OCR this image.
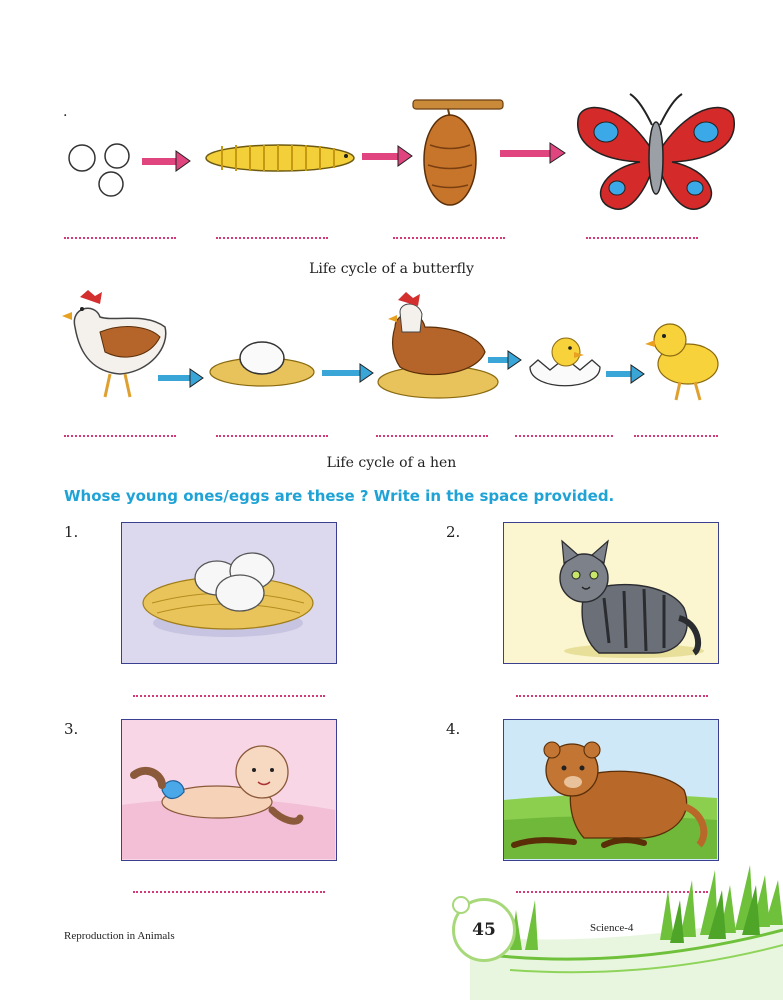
.
Life cycle of a butterfly
Life cycle of a hen
Whose young ones/eggs are these ? Write in the space provided.
1.	2.
3.	4.
Reproduction in Animals	45	Science-4
